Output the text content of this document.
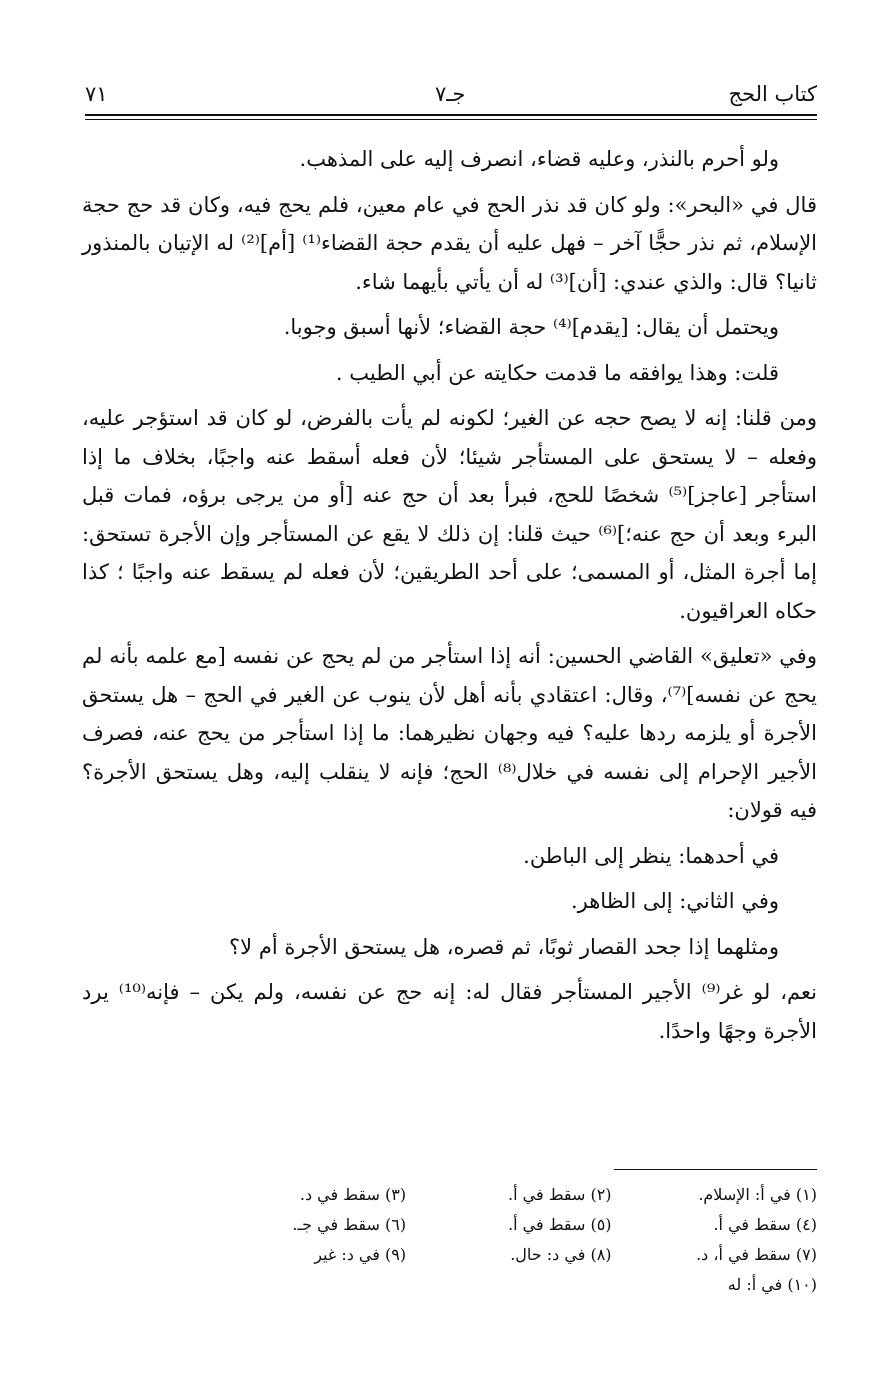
كتاب الحج
جـ٧
٧١

ولو أحرم بالنذر، وعليه قضاء، انصرف إليه على المذهب.

قال في «البحر»: ولو كان قد نذر الحج في عام معين، فلم يحج فيه، وكان قد حج حجة الإسلام، ثم نذر حجًّا آخر – فهل عليه أن يقدم حجة القضاء⁽¹⁾ [أم]⁽²⁾ له الإتيان بالمنذور ثانيا؟ قال: والذي عندي: [أن]⁽³⁾ له أن يأتي بأيهما شاء.

ويحتمل أن يقال: [يقدم]⁽⁴⁾ حجة القضاء؛ لأنها أسبق وجوبا.

قلت: وهذا يوافقه ما قدمت حكايته عن أبي الطيب .

ومن قلنا: إنه لا يصح حجه عن الغير؛ لكونه لم يأت بالفرض، لو كان قد استؤجر عليه، وفعله – لا يستحق على المستأجر شيئا؛ لأن فعله أسقط عنه واجبًا، بخلاف ما إذا استأجر [عاجز]⁽⁵⁾ شخصًا للحج، فبرأ بعد أن حج عنه [أو من يرجى برؤه، فمات قبل البرء وبعد أن حج عنه؛]⁽⁶⁾ حيث قلنا: إن ذلك لا يقع عن المستأجر وإن الأجرة تستحق: إما أجرة المثل، أو المسمى؛ على أحد الطريقين؛ لأن فعله لم يسقط عنه واجبًا ؛ كذا حكاه العراقيون.

وفي «تعليق» القاضي الحسين: أنه إذا استأجر من لم يحج عن نفسه [مع علمه بأنه لم يحج عن نفسه]⁽⁷⁾، وقال: اعتقادي بأنه أهل لأن ينوب عن الغير في الحج – هل يستحق الأجرة أو يلزمه ردها عليه؟ فيه وجهان نظيرهما: ما إذا استأجر من يحج عنه، فصرف الأجير الإحرام إلى نفسه في خلال⁽⁸⁾ الحج؛ فإنه لا ينقلب إليه، وهل يستحق الأجرة؟ فيه قولان:

في أحدهما: ينظر إلى الباطن.

وفي الثاني: إلى الظاهر.

ومثلهما إذا جحد القصار ثوبًا، ثم قصره، هل يستحق الأجرة أم لا؟

نعم، لو غر⁽⁹⁾ الأجير المستأجر فقال له: إنه حج عن نفسه، ولم يكن – فإنه⁽¹⁰⁾ يرد الأجرة وجهًا واحدًا.

(١) في أ: الإسلام.
(٢) سقط في أ.
(٣) سقط في د.
(٤) سقط في أ.
(٥) سقط في أ.
(٦) سقط في جـ.
(٧) سقط في أ، د.
(٨) في د: حال.
(٩) في د: غير
(١٠) في أ: له
